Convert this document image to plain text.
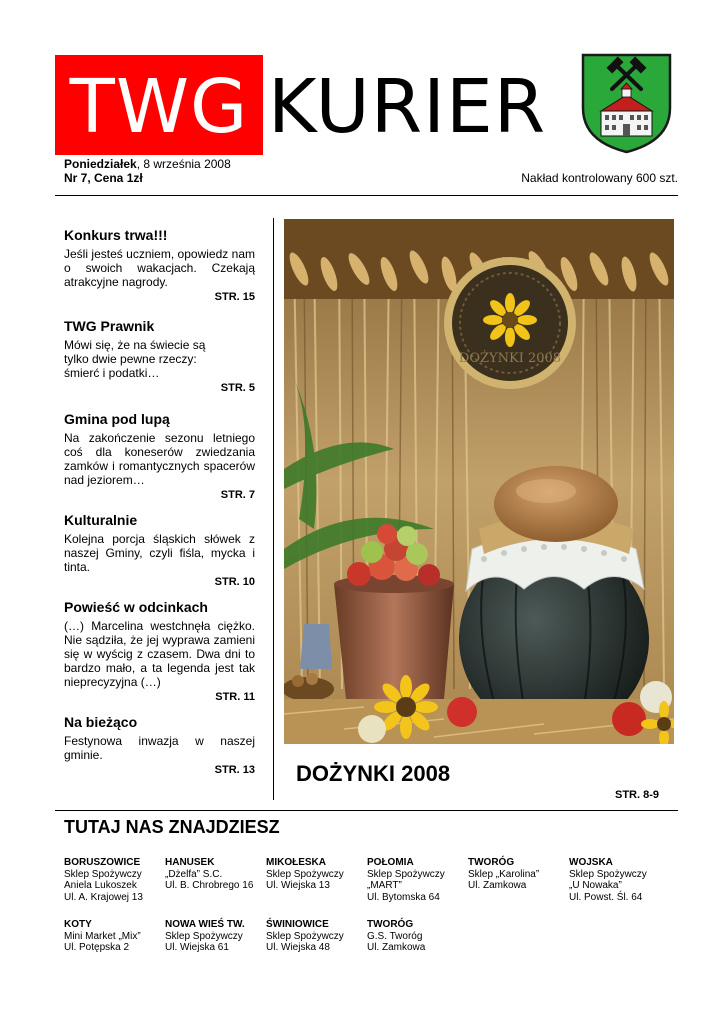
TWG KURIER
Poniedziałek, 8 września 2008
Nr 7, Cena 1zł	Nakład kontrolowany 600 szt.
Konkurs trwa!!!

Jeśli jesteś uczniem, opowiedz nam o swoich wakacjach. Czekają atrakcyjne nagrody.

STR. 15
TWG Prawnik

Mówi się, że na świecie są tylko dwie pewne rzeczy: śmierć i podatki…

STR. 5
Gmina pod lupą

Na zakończenie sezonu letniego coś dla koneserów zwiedzania zamków i romantycznych spacerów nad jeziorem…

STR. 7
Kulturalnie

Kolejna porcja śląskich słówek z naszej Gminy, czyli fiśla, mycka i tinta.

STR. 10
Powieść w odcinkach

(…) Marcelina westchnęła ciężko. Nie sądziła, że jej wyprawa zamieni się w wyścig z czasem. Dwa dni to bardzo mało, a ta legenda jest tak nieprecyzyjna (…)

STR. 11
Na bieżąco

Festynowa inwazja w naszej gminie.

STR. 13
DOŻYNKI 2008
DOŻYNKI 2008
STR. 8-9
TUTAJ NAS ZNAJDZIESZ
BORUSZOWICE
Sklep Spożywczy
Aniela Lukoszek
Ul. A. Krajowej 13
HANUSEK
„Dżelfa” S.C.
Ul. B. Chrobrego 16
MIKOŁESKA
Sklep Spożywczy
Ul. Wiejska 13
POŁOMIA
Sklep Spożywczy
„MART”
Ul. Bytomska 64
TWORÓG
Sklep „Karolina”
Ul. Zamkowa
WOJSKA
Sklep Spożywczy
„U Nowaka”
Ul. Powst. Śl. 64
KOTY
Mini Market „Mix”
Ul. Potępska 2
NOWA WIEŚ TW.
Sklep Spożywczy
Ul. Wiejska 61
ŚWINIOWICE
Sklep Spożywczy
Ul. Wiejska 48
TWORÓG
G.S. Tworóg
Ul. Zamkowa
